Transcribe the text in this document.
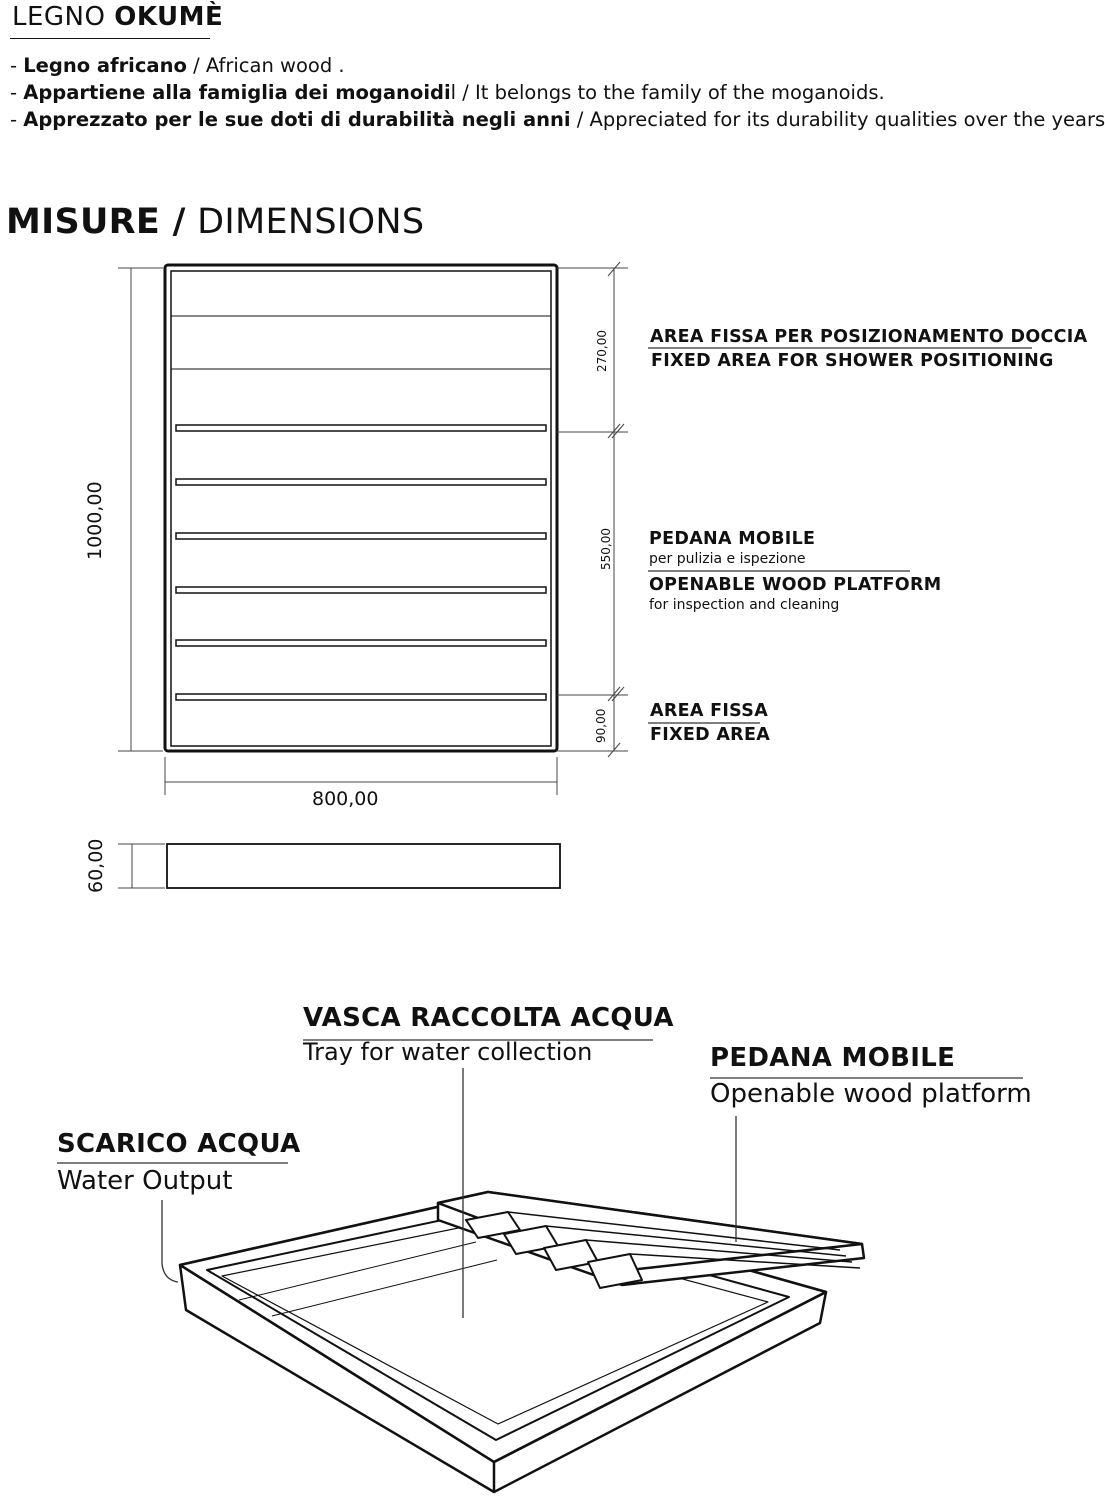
LEGNO OKUMÈ
- Legno africano / African wood .
- Appartiene alla famiglia dei moganoidil / It belongs to the family of the moganoids.
- Apprezzato per le sue doti di durabilità negli anni / Appreciated for its durability qualities over the years
MISURE / DIMENSIONS
1000,00
800,00
60,00
270,00
550,00
90,00
AREA FISSA PER POSIZIONAMENTO DOCCIA
FIXED AREA FOR SHOWER POSITIONING
PEDANA MOBILE
per pulizia e ispezione
OPENABLE WOOD PLATFORM
for inspection and cleaning
AREA FISSA
FIXED AREA
VASCA RACCOLTA ACQUA
Tray for water collection	PEDANA MOBILE
Openable wood platform
SCARICO ACQUA
Water Output
